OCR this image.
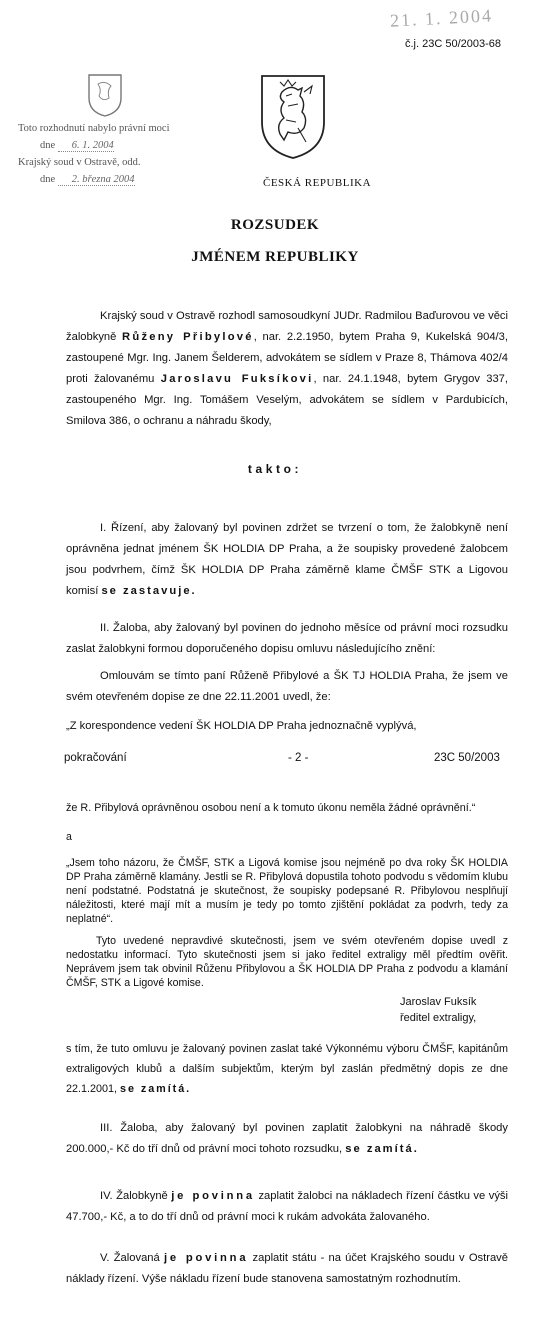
21. 1. 2004
č.j. 23C 50/2003-68
Toto rozhodnutí nabylo právní moci
dne 6. 1. 2004
Krajský soud v Ostravě, odd.
dne 2. března 2004	ČESKÁ REPUBLIKA
ROZSUDEK
JMÉNEM REPUBLIKY

Krajský soud v Ostravě rozhodl samosoudkyní JUDr. Radmilou Baďurovou ve věci žalobkyně Růženy Přibylové, nar. 2.2.1950, bytem Praha 9, Kukelská 904/3, zastoupené Mgr. Ing. Janem Šelderem, advokátem se sídlem v Praze 8, Thámova 402/4 proti žalovanému Jaroslavu Fuksíkovi, nar. 24.1.1948, bytem Grygov 337, zastoupeného Mgr. Ing. Tomášem Veselým, advokátem se sídlem v Pardubicích, Smilova 386, o ochranu a náhradu škody,

takto:

I. Řízení, aby žalovaný byl povinen zdržet se tvrzení o tom, že žalobkyně není oprávněna jednat jménem ŠK HOLDIA DP Praha, a že soupisky provedené žalobcem jsou podvrhem, čímž ŠK HOLDIA DP Praha záměrně klame ČMŠF STK a Ligovou komisí se zastavuje.

II. Žaloba, aby žalovaný byl povinen do jednoho měsíce od právní moci rozsudku zaslat žalobkyni formou doporučeného dopisu omluvu následujícího znění:

Omlouvám se tímto paní Růženě Přibylové a ŠK TJ HOLDIA Praha, že jsem ve svém otevřeném dopise ze dne 22.11.2001 uvedl, že:

„Z korespondence vedení ŠK HOLDIA DP Praha jednoznačně vyplývá,

pokračování	- 2 -	23C 50/2003
že R. Přibylová oprávněnou osobou není a k tomuto úkonu neměla žádné oprávnění.“
a
„Jsem toho názoru, že ČMŠF, STK a Ligová komise jsou nejméně po dva roky ŠK HOLDIA DP Praha záměrně klamány. Jestli se R. Přibylová dopustila tohoto podvodu s vědomím klubu není podstatné. Podstatná je skutečnost, že soupisky podepsané R. Přibylovou nesplňují náležitosti, které mají mít a musím je tedy po tomto zjištění pokládat za podvrh, tedy za neplatné“.
Tyto uvedené nepravdivé skutečnosti, jsem ve svém otevřeném dopise uvedl z nedostatku informací. Tyto skutečnosti jsem si jako ředitel extraligy měl předtím ověřit. Neprávem jsem tak obvinil Růženu Přibylovou a ŠK HOLDIA DP Praha z podvodu a klamání ČMŠF, STK a Ligové komise.
Jaroslav Fuksík
ředitel extraligy,

s tím, že tuto omluvu je žalovaný povinen zaslat také Výkonnému výboru ČMŠF, kapitánům extraligových klubů a dalším subjektům, kterým byl zaslán předmětný dopis ze dne 22.1.2001, se zamítá.

III. Žaloba, aby žalovaný byl povinen zaplatit žalobkyni na náhradě škody 200.000,- Kč do tří dnů od právní moci tohoto rozsudku, se zamítá.

IV. Žalobkyně je povinna zaplatit žalobci na nákladech řízení částku ve výši 47.700,- Kč, a to do tří dnů od právní moci k rukám advokáta žalovaného.

V. Žalovaná je povinna zaplatit státu - na účet Krajského soudu v Ostravě náklady řízení. Výše nákladu řízení bude stanovena samostatným rozhodnutím.
